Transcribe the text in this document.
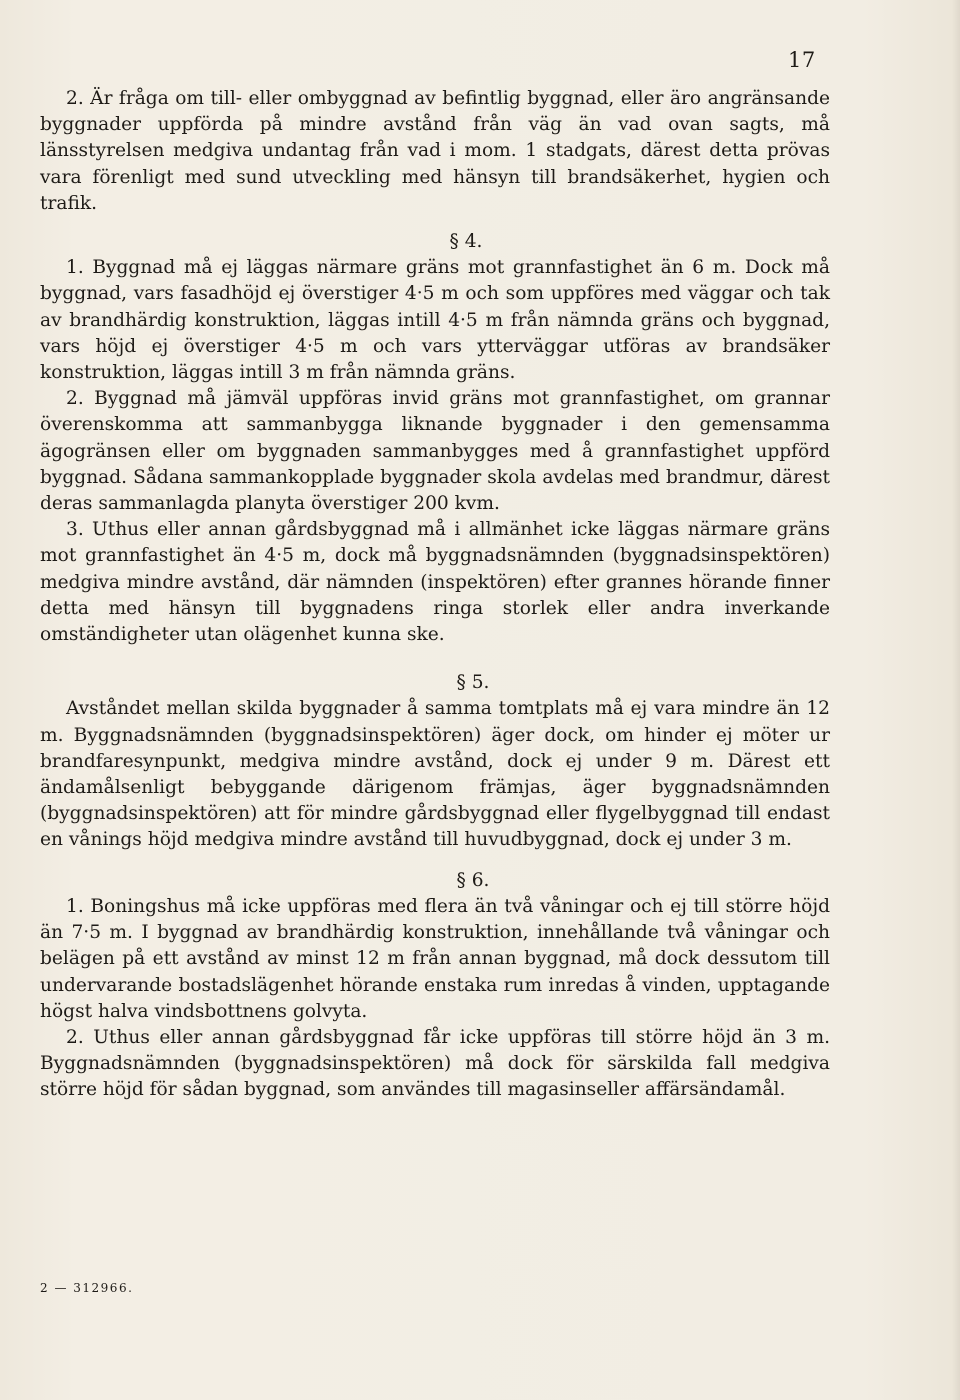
17

2. Är fråga om till- eller ombyggnad av befintlig byggnad, eller äro angränsande byggnader uppförda på mindre avstånd från väg än vad ovan sagts, må länsstyrelsen medgiva undantag från vad i mom. 1 stadgats, därest detta prövas vara förenligt med sund utveckling med hänsyn till brandsäkerhet, hygien och trafik.

§ 4.

1. Byggnad må ej läggas närmare gräns mot grannfastighet än 6 m. Dock må byggnad, vars fasadhöjd ej överstiger 4·5 m och som uppföres med väggar och tak av brandhärdig konstruktion, läggas intill 4·5 m från nämnda gräns och byggnad, vars höjd ej överstiger 4·5 m och vars ytterväggar utföras av brandsäker konstruktion, läggas intill 3 m från nämnda gräns.

2. Byggnad må jämväl uppföras invid gräns mot grannfastighet, om grannar överenskomma att sammanbygga liknande byggnader i den gemensamma ägogränsen eller om byggnaden sammanbygges med å grannfastighet uppförd byggnad. Sådana sammankopplade byggnader skola avdelas med brandmur, därest deras sammanlagda planyta överstiger 200 kvm.

3. Uthus eller annan gårdsbyggnad må i allmänhet icke läggas närmare gräns mot grannfastighet än 4·5 m, dock må byggnadsnämnden (byggnadsinspektören) medgiva mindre avstånd, där nämnden (inspektören) efter grannes hörande finner detta med hänsyn till byggnadens ringa storlek eller andra inverkande omständigheter utan olägenhet kunna ske.

§ 5.

Avståndet mellan skilda byggnader å samma tomtplats må ej vara mindre än 12 m. Byggnadsnämnden (byggnadsinspektören) äger dock, om hinder ej möter ur brandfaresynpunkt, medgiva mindre avstånd, dock ej under 9 m. Därest ett ändamålsenligt bebyggande därigenom främjas, äger byggnadsnämnden (byggnadsinspektören) att för mindre gårdsbyggnad eller flygelbyggnad till endast en vånings höjd medgiva mindre avstånd till huvudbyggnad, dock ej under 3 m.

§ 6.

1. Boningshus må icke uppföras med flera än två våningar och ej till större höjd än 7·5 m. I byggnad av brandhärdig konstruktion, innehållande två våningar och belägen på ett avstånd av minst 12 m från annan byggnad, må dock dessutom till undervarande bostadslägenhet hörande enstaka rum inredas å vinden, upptagande högst halva vindsbottnens golvyta.

2. Uthus eller annan gårdsbyggnad får icke uppföras till större höjd än 3 m. Byggnadsnämnden (byggnadsinspektören) må dock för särskilda fall medgiva större höjd för sådan byggnad, som användes till magasinseller affärsändamål.

2 — 312966.
